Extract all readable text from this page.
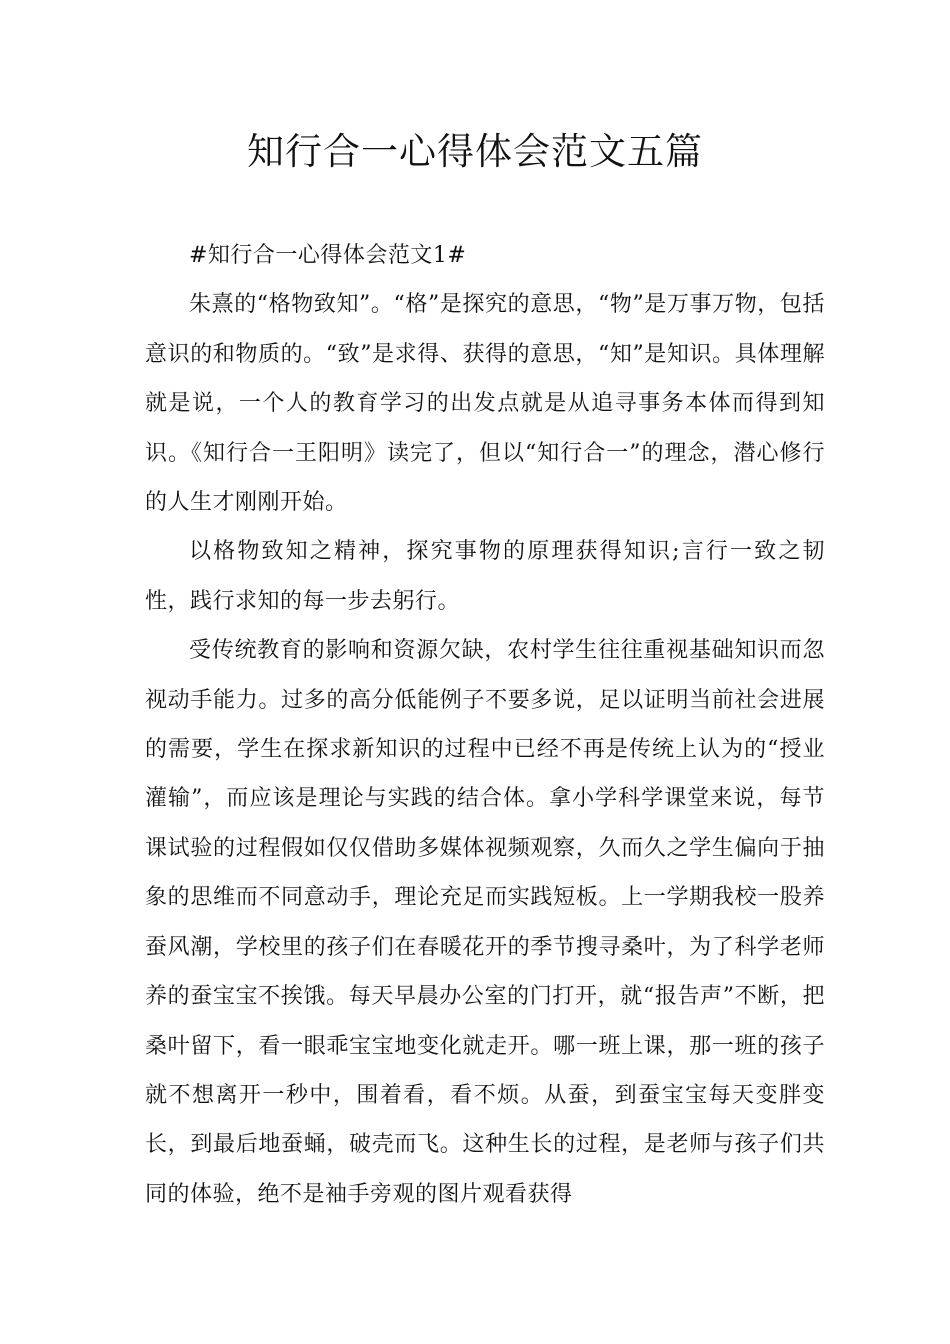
知行合一心得体会范文五篇

#知行合一心得体会范文1#

朱熹的“格物致知”。“格”是探究的意思，“物”是万事万物，包括意识的和物质的。“致”是求得、获得的意思，“知”是知识。具体理解就是说，一个人的教育学习的出发点就是从追寻事务本体而得到知识。《知行合一王阳明》读完了，但以“知行合一”的理念，潜心修行的人生才刚刚开始。

以格物致知之精神，探究事物的原理获得知识;言行一致之韧性，践行求知的每一步去躬行。

受传统教育的影响和资源欠缺，农村学生往往重视基础知识而忽视动手能力。过多的高分低能例子不要多说，足以证明当前社会进展的需要，学生在探求新知识的过程中已经不再是传统上认为的“授业灌输”，而应该是理论与实践的结合体。拿小学科学课堂来说，每节课试验的过程假如仅仅借助多媒体视频观察，久而久之学生偏向于抽象的思维而不同意动手，理论充足而实践短板。上一学期我校一股养蚕风潮，学校里的孩子们在春暖花开的季节搜寻桑叶，为了科学老师养的蚕宝宝不挨饿。每天早晨办公室的门打开，就“报告声”不断，把桑叶留下，看一眼乖宝宝地变化就走开。哪一班上课，那一班的孩子就不想离开一秒中，围着看，看不烦。从蚕，到蚕宝宝每天变胖变长，到最后地蚕蛹，破壳而飞。这种生长的过程，是老师与孩子们共同的体验，绝不是袖手旁观的图片观看获得
